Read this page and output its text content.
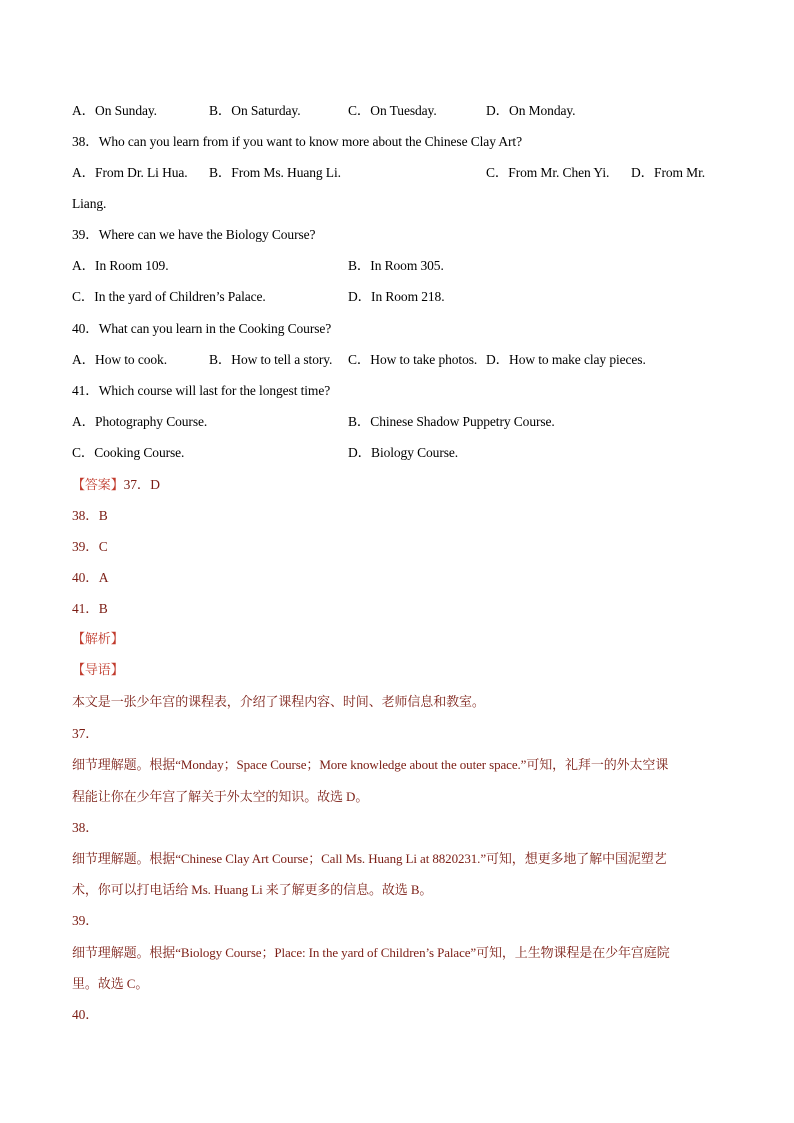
A．On Sunday.	B．On Saturday.	C．On Tuesday.	D．On Monday.
38．Who can you learn from if you want to know more about the Chinese Clay Art?
A．From Dr. Li Hua. B．From Ms. Huang Li.	C．From Mr. Chen Yi. D．From Mr.
Liang.
39．Where can we have the Biology Course?
A．In Room 109.	B．In Room 305.
C．In the yard of Children’s Palace.	D．In Room 218.
40．What can you learn in the Cooking Course?
A．How to cook.	B．How to tell a story. C．How to take photos. D．How to make clay pieces.
41．Which course will last for the longest time?
A．Photography Course.	B．Chinese Shadow Puppetry Course.
C．Cooking Course.	D．Biology Course.
【答案】37．D
38．B
39．C
40．A
41．B
【解析】
【导语】
本文是一张少年宫的课程表，介绍了课程内容、时间、老师信息和教室。
37．
细节理解题。根据“Monday；Space Course；More knowledge about the outer space.”可知，礼拜一的外太空课
程能让你在少年宫了解关于外太空的知识。故选 D。
38．
细节理解题。根据“Chinese Clay Art Course；Call Ms. Huang Li at 8820231.”可知，想更多地了解中国泥塑艺
术，你可以打电话给 Ms. Huang Li 来了解更多的信息。故选 B。
39．
细节理解题。根据“Biology Course；Place: In the yard of Children’s Palace”可知，上生物课程是在少年宫庭院
里。故选 C。
40．
